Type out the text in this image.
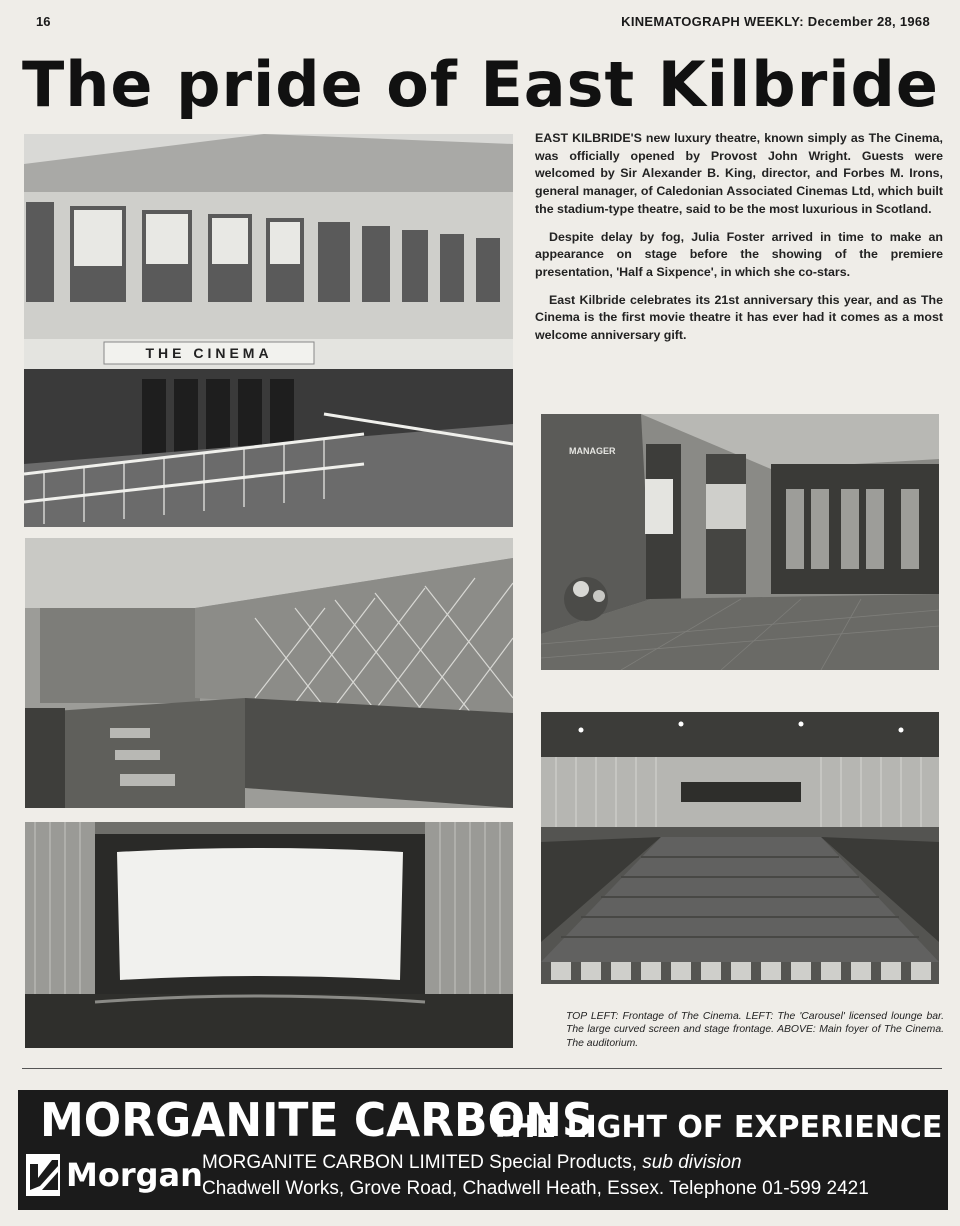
16	KINEMATOGRAPH WEEKLY: December 28, 1968
The pride of East Kilbride
THE CINEMA
MANAGER

EAST KILBRIDE'S new luxury theatre, known simply as The Cinema, was officially opened by Provost John Wright. Guests were welcomed by Sir Alexander B. King, director, and Forbes M. Irons, general manager, of Caledonian Associated Cinemas Ltd, which built the stadium-type theatre, said to be the most luxurious in Scotland.

Despite delay by fog, Julia Foster arrived in time to make an appearance on stage before the showing of the premiere presentation, 'Half a Sixpence', in which she co-stars.

East Kilbride celebrates its 21st anniversary this year, and as The Cinema is the first movie theatre it has ever had it comes as a most welcome anniversary gift.

TOP LEFT: Frontage of The Cinema. LEFT: The 'Carousel' licensed lounge bar. The large curved screen and stage frontage. ABOVE: Main foyer of The Cinema. The auditorium.
MORGANITE CARBONS
THE LIGHT OF EXPERIENCE
Morgan MORGANITE CARBON LIMITED Special Products, sub division
Chadwell Works, Grove Road, Chadwell Heath, Essex. Telephone 01-599 2421
